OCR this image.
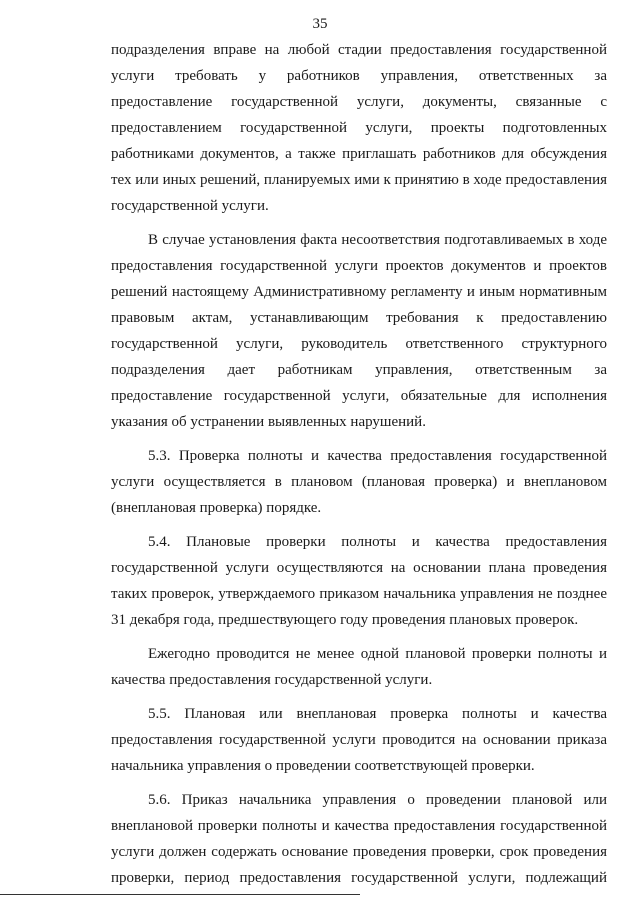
35

подразделения вправе на любой стадии предоставления государственной услуги требовать у работников управления, ответственных за предоставление государственной услуги, документы, связанные с предоставлением государственной услуги, проекты подготовленных работниками документов, а также приглашать работников для обсуждения тех или иных решений, планируемых ими к принятию в ходе предоставления государственной услуги.

В случае установления факта несоответствия подготавливаемых в ходе предоставления государственной услуги проектов документов и проектов решений настоящему Административному регламенту и иным нормативным правовым актам, устанавливающим требования к предоставлению государственной услуги, руководитель ответственного структурного подразделения дает работникам управления, ответственным за предоставление государственной услуги, обязательные для исполнения указания об устранении выявленных нарушений.

5.3. Проверка полноты и качества предоставления государственной услуги осуществляется в плановом (плановая проверка) и внеплановом (внеплановая проверка) порядке.

5.4. Плановые проверки полноты и качества предоставления государственной услуги осуществляются на основании плана проведения таких проверок, утверждаемого приказом начальника управления не позднее 31 декабря года, предшествующего году проведения плановых проверок.

Ежегодно проводится не менее одной плановой проверки полноты и качества предоставления государственной услуги.

5.5. Плановая или внеплановая проверка полноты и качества предоставления государственной услуги проводится на основании приказа начальника управления о проведении соответствующей проверки.

5.6. Приказ начальника управления о проведении плановой или внеплановой проверки полноты и качества предоставления государственной услуги должен содержать основание проведения проверки, срок проведения проверки, период предоставления государственной услуги, подлежащий
